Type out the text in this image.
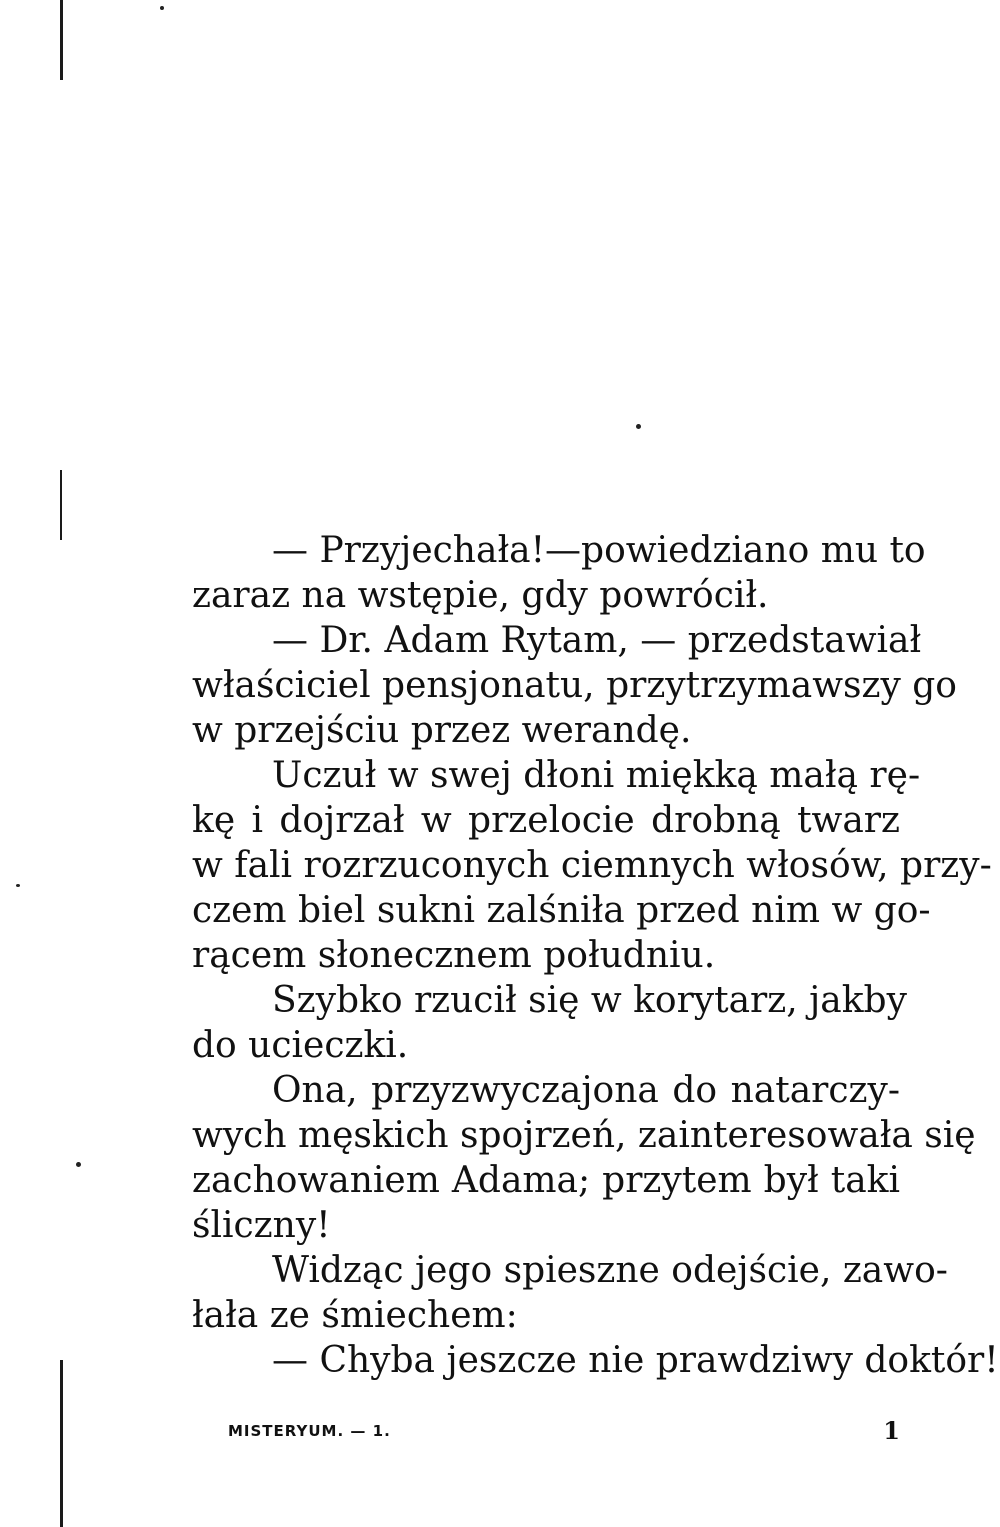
— Przyjechała!—powiedziano mu to
zaraz na wstępie, gdy powrócił.
— Dr. Adam Rytam, — przedstawiał
właściciel pensjonatu, przytrzymawszy go
w przejściu przez werandę.
Uczuł w swej dłoni miękką małą rę‑
kę i dojrzał w przelocie drobną twarz
w fali rozrzuconych ciemnych włosów, przy‑
czem biel sukni zalśniła przed nim w go‑
rącem słonecznem południu.
Szybko rzucił się w korytarz, jakby
do ucieczki.
Ona, przyzwyczajona do natarczy‑
wych męskich spojrzeń, zainteresowała się
zachowaniem Adama; przytem był taki
śliczny!
Widząc jego spieszne odejście, zawo‑
łała ze śmiechem:
— Chyba jeszcze nie prawdziwy doktór!
MISTERYUM. — 1.	1
